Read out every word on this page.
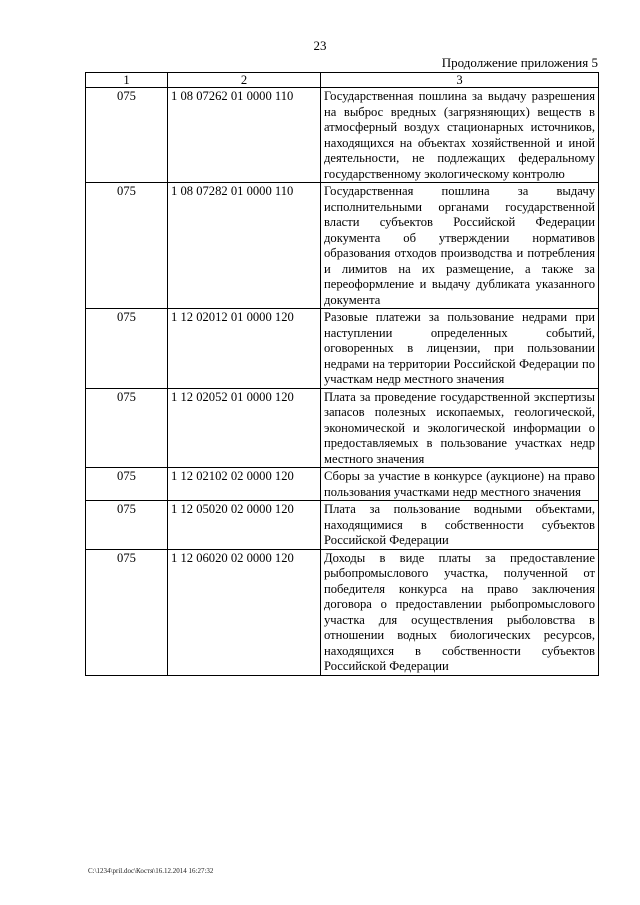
23
Продолжение приложения 5
1	2	3
075	1 08 07262 01 0000 110	Государственная пошлина за выдачу разрешения на выброс вредных (загрязняющих) веществ в атмосферный воздух стационарных источников, находящихся на объектах хозяйственной и иной деятельности, не подлежащих федеральному государственному экологическому контролю
075	1 08 07282 01 0000 110	Государственная пошлина за выдачу исполнительными органами государственной власти субъектов Российской Федерации документа об утверждении нормативов образования отходов производства и потребления и лимитов на их размещение, а также за переоформление и выдачу дубликата указанного документа
075	1 12 02012 01 0000 120	Разовые платежи за пользование недрами при наступлении определенных событий, оговоренных в лицензии, при пользовании недрами на территории Российской Федерации по участкам недр местного значения
075	1 12 02052 01 0000 120	Плата за проведение государственной экспертизы запасов полезных ископаемых, геологической, экономической и экологической информации о предоставляемых в пользование участках недр местного значения
075	1 12 02102 02 0000 120	Сборы за участие в конкурсе (аукционе) на право пользования участками недр местного значения
075	1 12 05020 02 0000 120	Плата за пользование водными объектами, находящимися в собственности субъектов Российской Федерации
075	1 12 06020 02 0000 120	Доходы в виде платы за предоставление рыбопромыслового участка, полученной от победителя конкурса на право заключения договора о предоставлении рыбопромыслового участка для осуществления рыболовства в отношении водных биологических ресурсов, находящихся в собственности субъектов Российской Федерации
C:\1234\pril.doc\Костя\16.12.2014 16:27:32
